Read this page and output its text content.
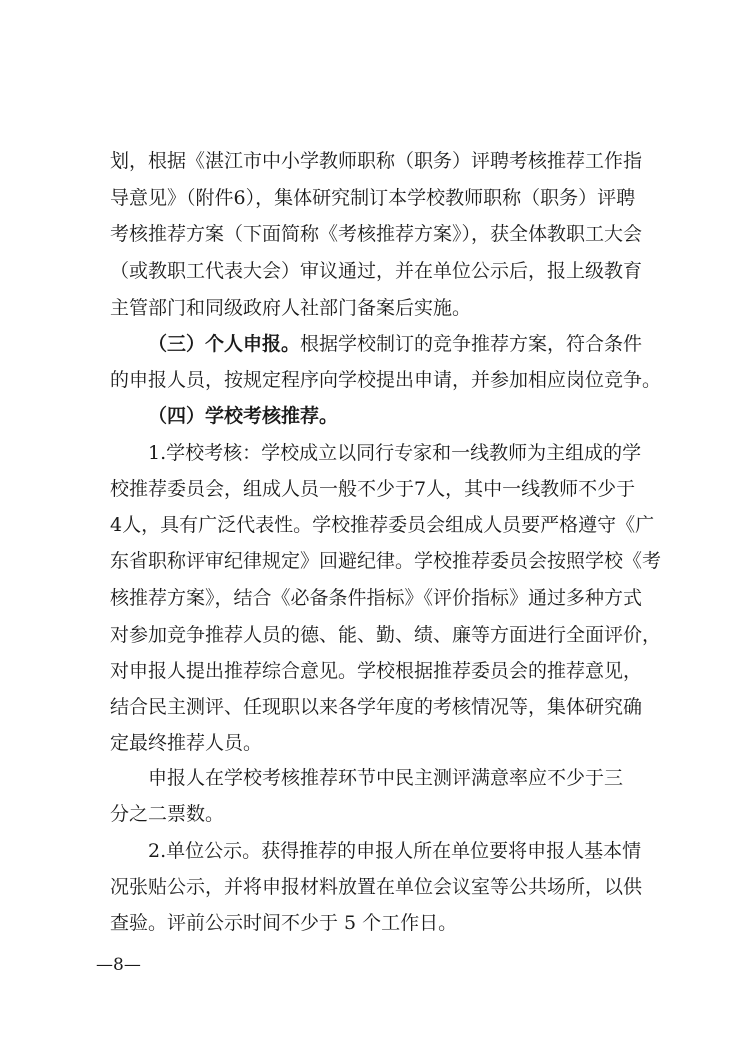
划，根据《湛江市中小学教师职称（职务）评聘考核推荐工作指
导意见》（附件6），集体研究制订本学校教师职称（职务）评聘
考核推荐方案（下面简称《考核推荐方案》），获全体教职工大会
（或教职工代表大会）审议通过，并在单位公示后，报上级教育
主管部门和同级政府人社部门备案后实施。
（三）个人申报。根据学校制订的竞争推荐方案，符合条件
的申报人员，按规定程序向学校提出申请，并参加相应岗位竞争。
（四）学校考核推荐。
1.学校考核：学校成立以同行专家和一线教师为主组成的学
校推荐委员会，组成人员一般不少于7人，其中一线教师不少于
4人，具有广泛代表性。学校推荐委员会组成人员要严格遵守《广
东省职称评审纪律规定》回避纪律。学校推荐委员会按照学校《考
核推荐方案》，结合《必备条件指标》《评价指标》通过多种方式
对参加竞争推荐人员的德、能、勤、绩、廉等方面进行全面评价，
对申报人提出推荐综合意见。学校根据推荐委员会的推荐意见，
结合民主测评、任现职以来各学年度的考核情况等，集体研究确
定最终推荐人员。
申报人在学校考核推荐环节中民主测评满意率应不少于三
分之二票数。
2.单位公示。获得推荐的申报人所在单位要将申报人基本情
况张贴公示，并将申报材料放置在单位会议室等公共场所，以供
查验。评前公示时间不少于 5 个工作日。
—8—
